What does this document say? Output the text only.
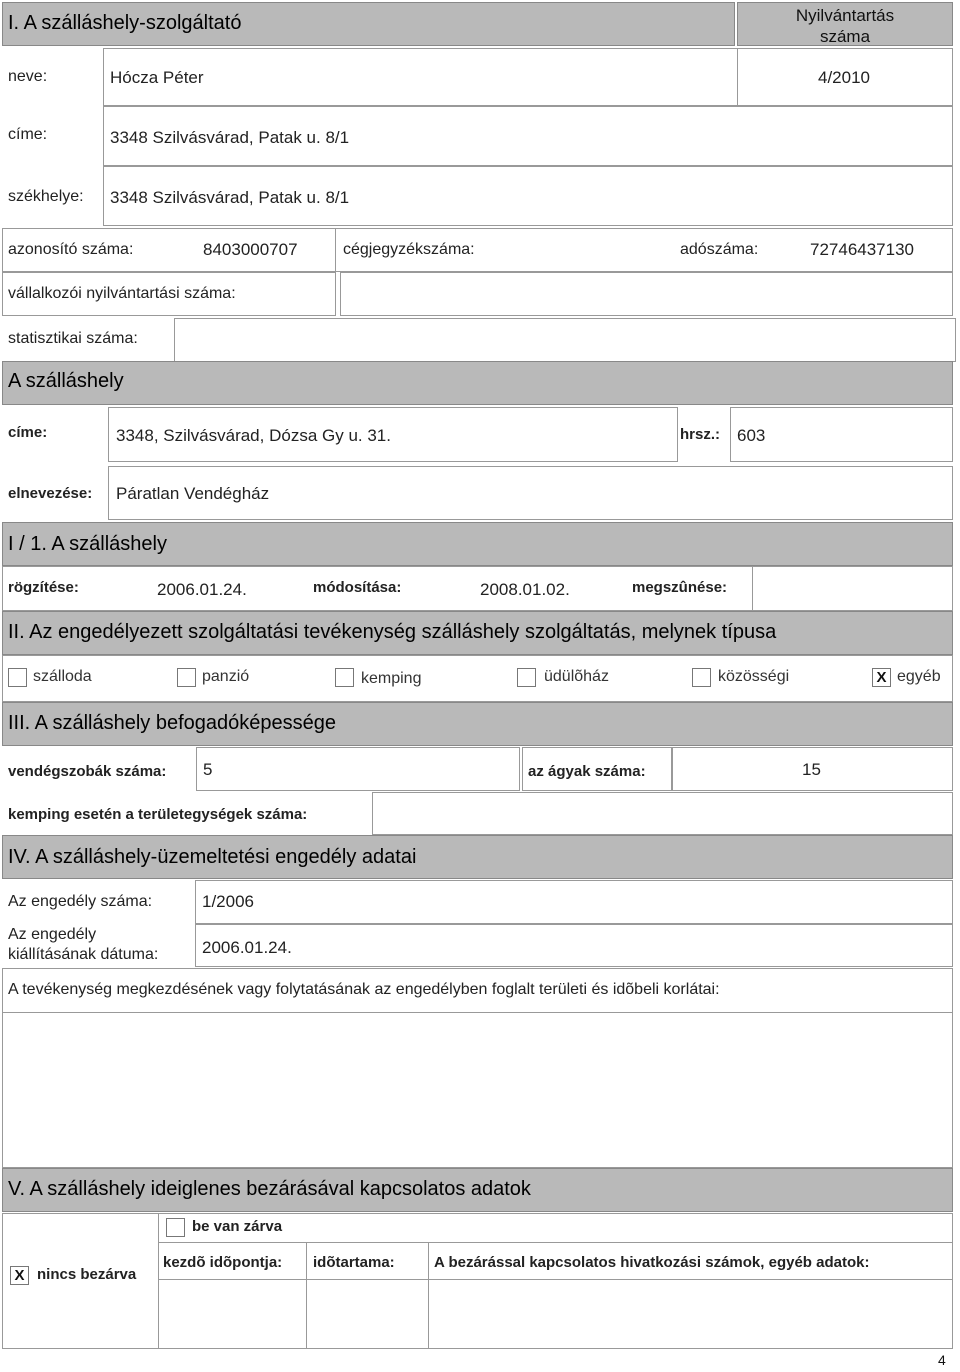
I. A szálláshely-szolgáltató	Nyilvántartás száma
neve:	Hócza Péter	4/2010
címe:	3348 Szilvásvárad, Patak u. 8/1
székhelye: 3348 Szilvásvárad, Patak u. 8/1
azonosító száma:	8403000707	cégjegyzékszáma:	adószáma:	72746437130
vállalkozói nyilvántartási száma:
statisztikai száma:
A szálláshely
címe:	3348, Szilvásvárad, Dózsa Gy u. 31.	hrsz.: 603
elnevezése: Páratlan Vendégház
I / 1. A szálláshely
rögzítése:	2006.01.24.	módosítása:	2008.01.02.	megszûnése:
II. Az engedélyezett szolgáltatási tevékenység szálláshely szolgáltatás, melynek típusa
szálloda	panzió	kemping	üdülõház	közösségi	X egyéb
III. A szálláshely befogadóképessége
vendégszobák száma: 5	az ágyak száma:	15
kemping esetén a területegységek száma:
IV. A szálláshely-üzemeltetési engedély adatai
Az engedély száma:	1/2006
Az engedély
kiállításának dátuma:	2006.01.24.
A tevékenység megkezdésének vagy folytatásának az engedélyben foglalt területi és idõbeli korlátai:
V. A szálláshely ideiglenes bezárásával kapcsolatos adatok
be van zárva
X nincs bezárva
kezdõ idõpontja: idõtartama:	A bezárással kapcsolatos hivatkozási számok, egyéb adatok:
4
